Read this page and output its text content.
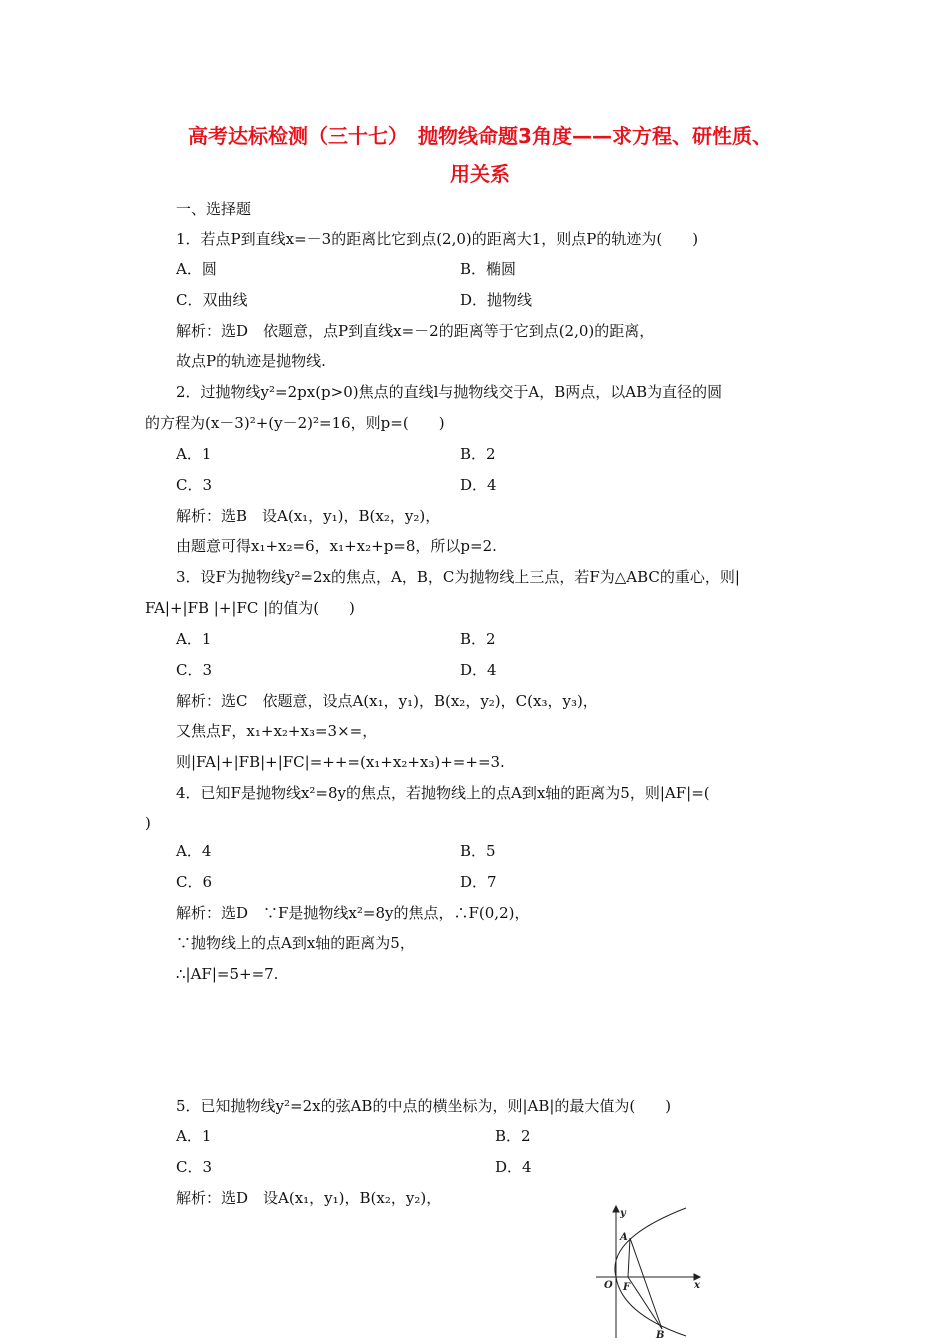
高考达标检测（三十七）　抛物线命题3角度——求方程、研性质、
用关系
一、选择题
1．若点P到直线x=－3的距离比它到点(2,0)的距离大1，则点P的轨迹为(　　)
A．圆	B．椭圆
C．双曲线	D．抛物线
解析：选D　依题意，点P到直线x=－2的距离等于它到点(2,0)的距离，
故点P的轨迹是抛物线.
2．过抛物线y²=2px(p>0)焦点的直线l与抛物线交于A，B两点，以AB为直径的圆
的方程为(x－3)²+(y－2)²=16，则p=(　　)
A．1	B．2
C．3	D．4
解析：选B　设A(x₁，y₁)，B(x₂，y₂)，
由题意可得x₁+x₂=6，x₁+x₂+p=8，所以p=2.
3．设F为抛物线y²=2x的焦点，A，B，C为抛物线上三点，若F为△ABC的重心，则|
FA|+|FB |+|FC |的值为(　　)
A．1	B．2
C．3	D．4
解析：选C　依题意，设点A(x₁，y₁)，B(x₂，y₂)，C(x₃，y₃)，
又焦点F，x₁+x₂+x₃=3×=，
则|FA|+|FB|+|FC|=++=(x₁+x₂+x₃)+=+=3.
4．已知F是抛物线x²=8y的焦点，若抛物线上的点A到x轴的距离为5，则|AF|=(
)
A．4	B．5
C．6	D．7
解析：选D　∵F是抛物线x²=8y的焦点，∴F(0,2)，
∵抛物线上的点A到x轴的距离为5，
∴|AF|=5+=7.
5．已知抛物线y²=2x的弦AB的中点的横坐标为，则|AB|的最大值为(　　)
A．1	B．2
C．3	D．4
解析：选D　设A(x₁，y₁)，B(x₂，y₂)，
y
x
O
A
F
B
